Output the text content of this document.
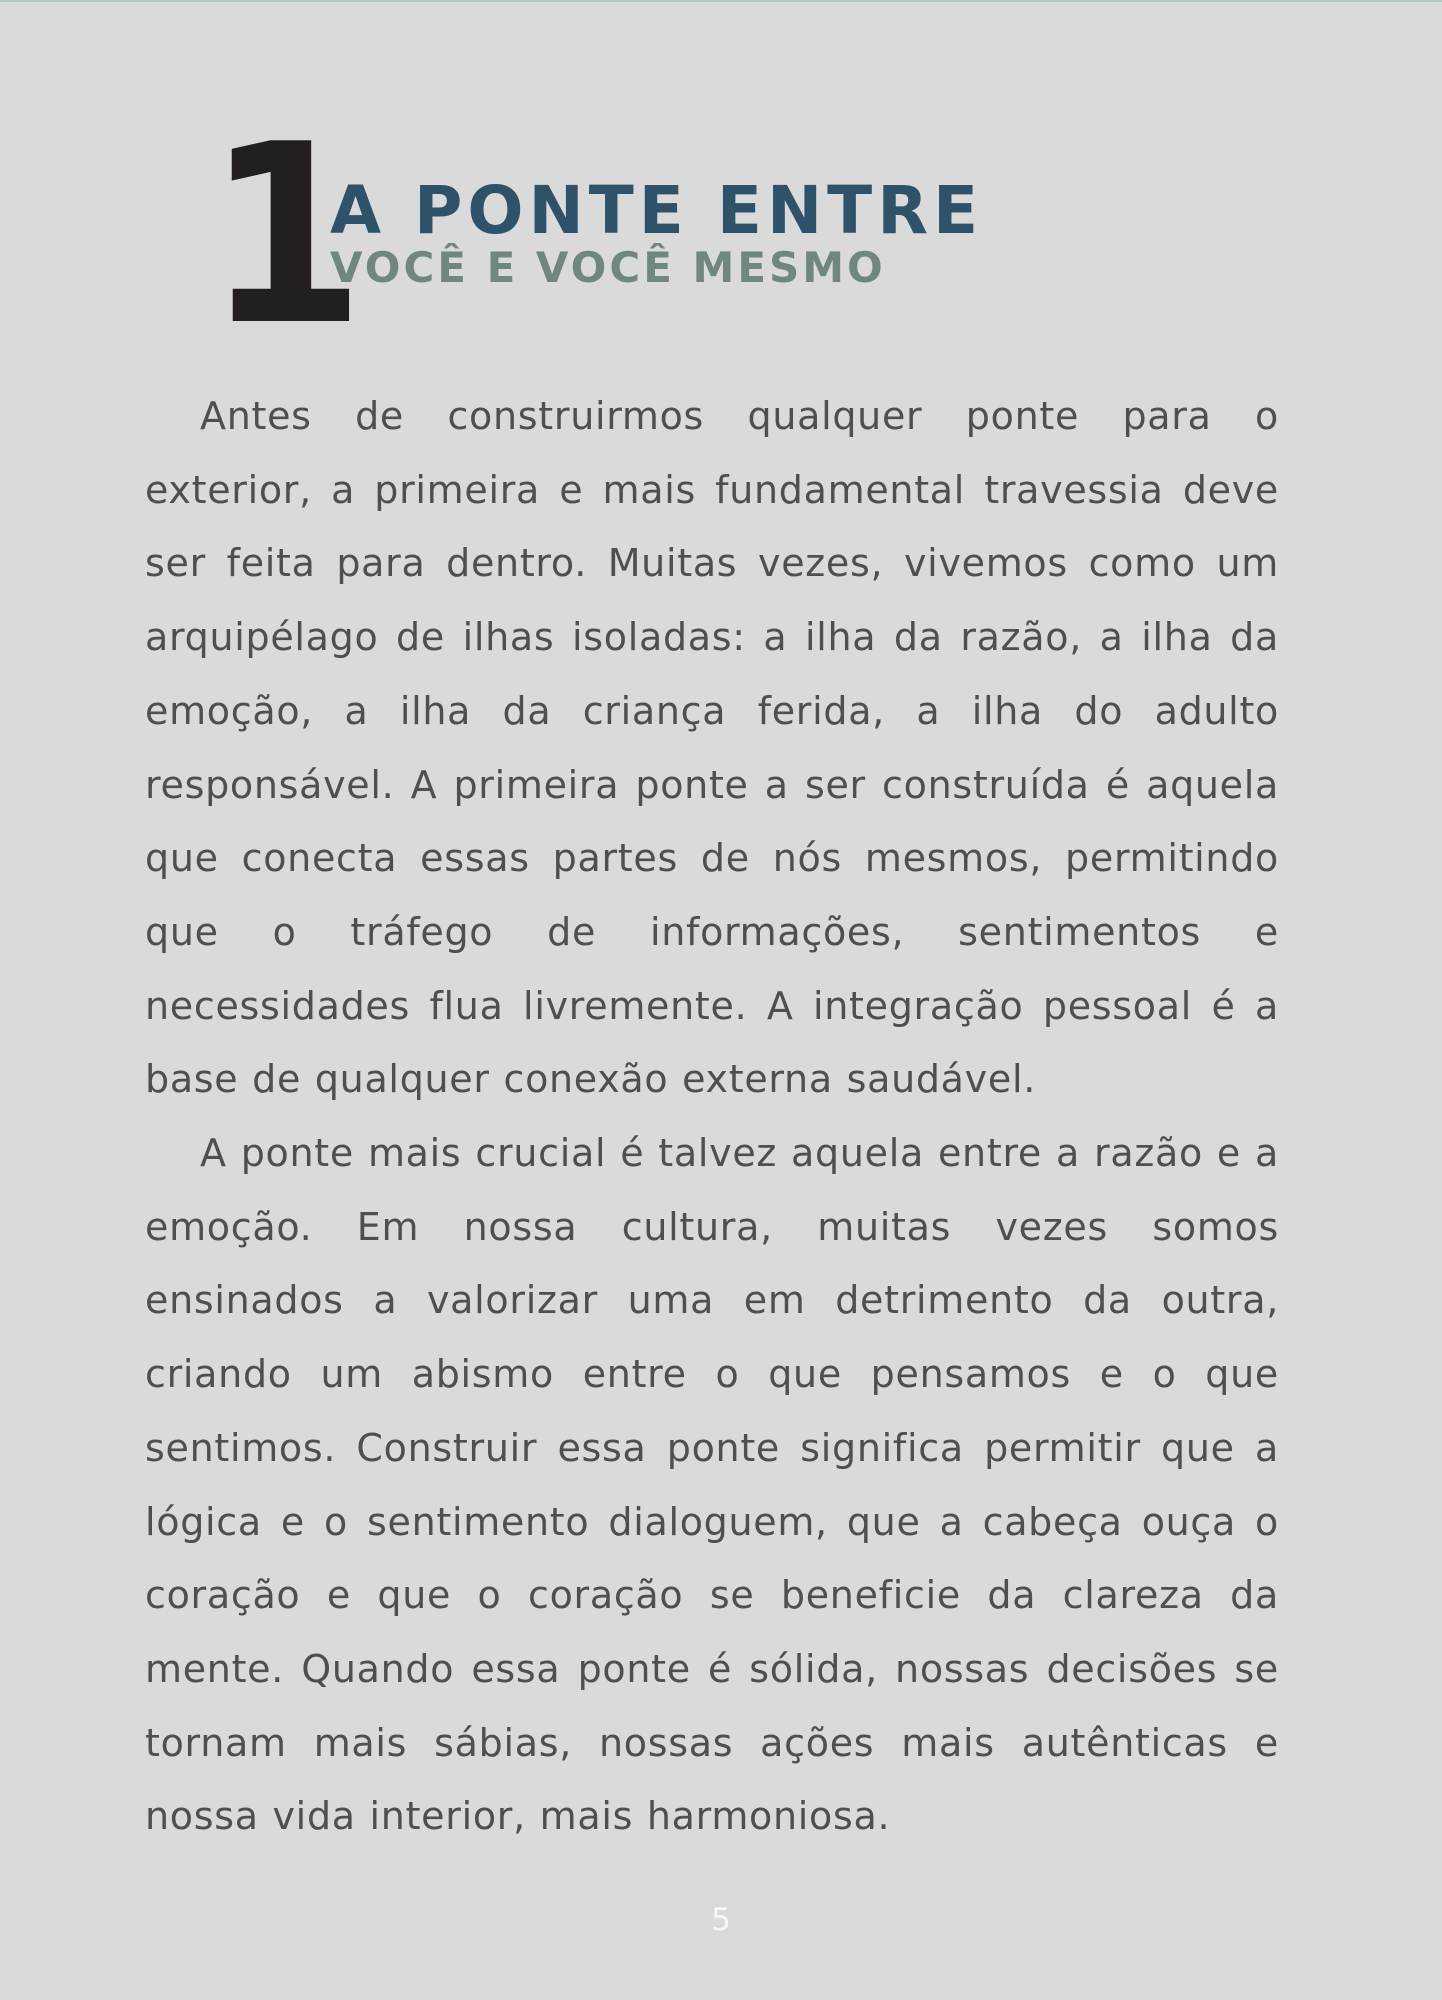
1
A PONTE ENTRE
VOCÊ E VOCÊ MESMO

Antes de construirmos qualquer ponte para o exterior, a primeira e mais fundamental travessia deve ser feita para dentro. Muitas vezes, vivemos como um arquipélago de ilhas isoladas: a ilha da razão, a ilha da emoção, a ilha da criança ferida, a ilha do adulto responsável. A primeira ponte a ser construída é aquela que conecta essas partes de nós mesmos, permitindo que o tráfego de informações, sentimentos e necessidades flua livremente. A integração pessoal é a base de qualquer conexão externa saudável.

A ponte mais crucial é talvez aquela entre a razão e a emoção. Em nossa cultura, muitas vezes somos ensinados a valorizar uma em detrimento da outra, criando um abismo entre o que pensamos e o que sentimos. Construir essa ponte significa permitir que a lógica e o sentimento dialoguem, que a cabeça ouça o coração e que o coração se beneficie da clareza da mente. Quando essa ponte é sólida, nossas decisões se tornam mais sábias, nossas ações mais autênticas e nossa vida interior, mais harmoniosa.

5
